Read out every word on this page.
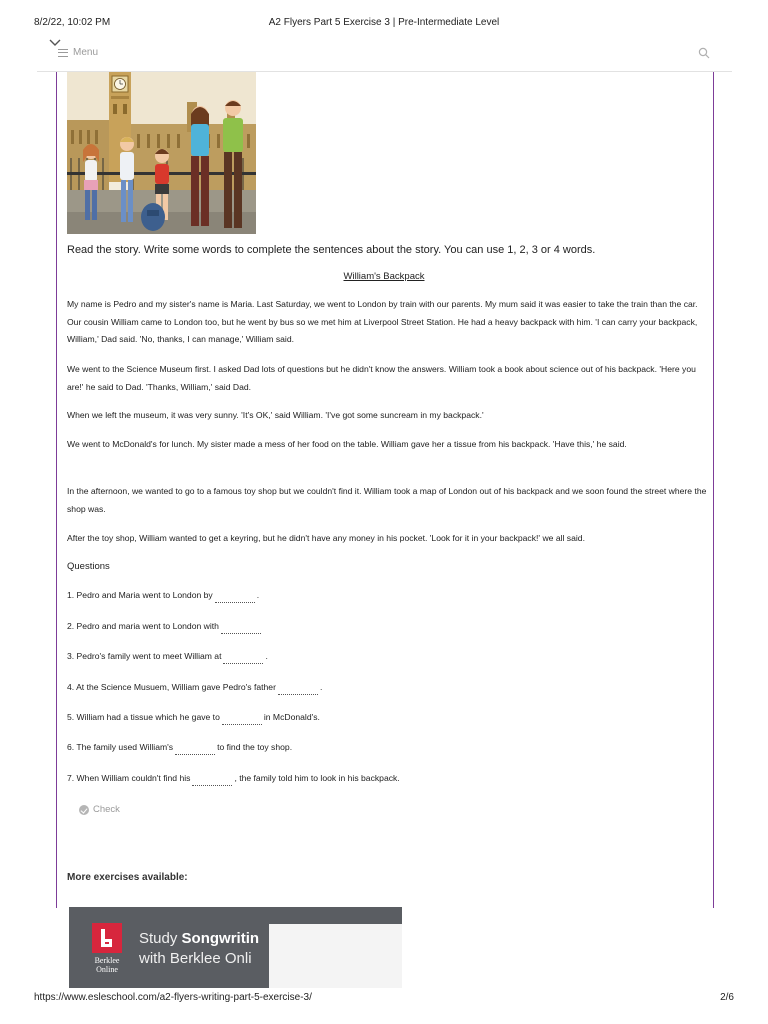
8/2/22, 10:02 PM	A2 Flyers Part 5 Exercise 3 | Pre-Intermediate Level
Menu
Read the story. Write some words to complete the sentences about the story. You can use 1, 2, 3 or 4 words.
William's Backpack
My name is Pedro and my sister's name is Maria. Last Saturday, we went to London by train with our parents. My mum said it was easier to take the train than the car. Our cousin William came to London too, but he went by bus so we met him at Liverpool Street Station. He had a heavy backpack with him. 'I can carry your backpack, William,' Dad said. 'No, thanks, I can manage,' William said.
We went to the Science Museum first. I asked Dad lots of questions but he didn't know the answers. William took a book about science out of his backpack. 'Here you are!' he said to Dad. 'Thanks, William,' said Dad.
When we left the museum, it was very sunny. 'It's OK,' said William. 'I've got some suncream in my backpack.'
We went to McDonald's for lunch. My sister made a mess of her food on the table. William gave her a tissue from his backpack. 'Have this,' he said.
In the afternoon, we wanted to go to a famous toy shop but we couldn't find it. William took a map of London out of his backpack and we soon found the street where the shop was.
After the toy shop, William wanted to get a keyring, but he didn't have any money in his pocket. 'Look for it in your backpack!' we all said.
Questions
1. Pedro and Maria went to London by	.
2. Pedro and maria went to London with
3. Pedro's family went to meet William at	.
4. At the Science Musuem, William gave Pedro's father	.
5. William had a tissue which he gave to	in McDonald's.
6. The family used William's	to find the toy shop.
7. When William couldn't find his	, the family told him to look in his backpack.
Check
More exercises available:
Berklee
Online
Study Songwritin
with Berklee Onli
https://www.esleschool.com/a2-flyers-writing-part-5-exercise-3/	2/6
